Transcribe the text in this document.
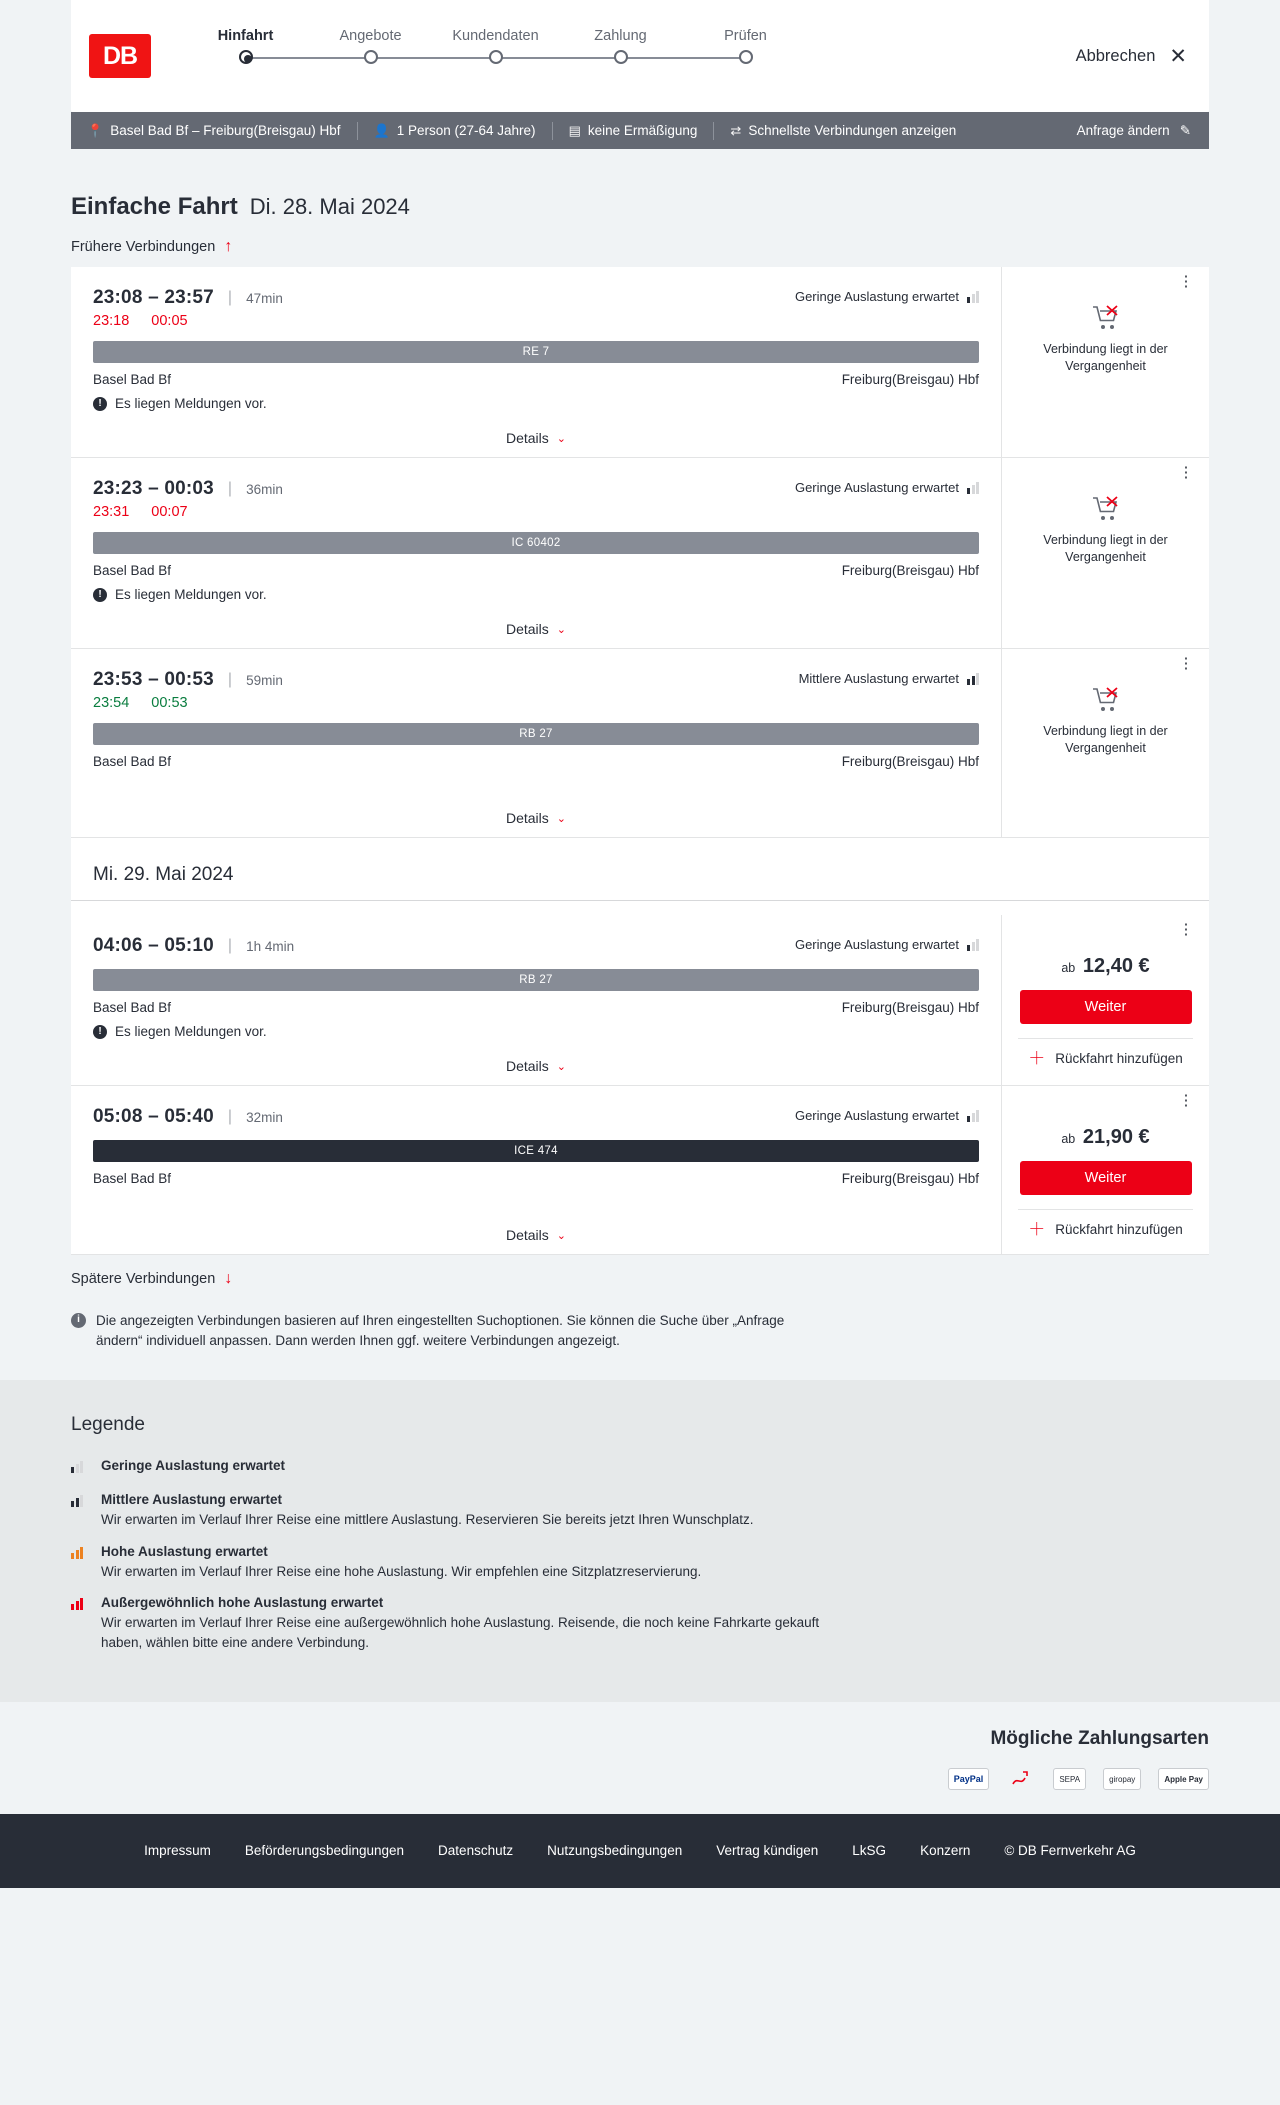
DB
Hinfahrt	Angebote	Kundendaten	Zahlung	Prüfen
Abbrechen ✕
📍 Basel Bad Bf – Freiburg(Breisgau) Hbf	👤 1 Person (27-64 Jahre)	▤ keine Ermäßigung	⇄ Schnellste Verbindungen anzeigen	Anfrage ändern ✎
Einfache Fahrt Di. 28. Mai 2024
Frühere Verbindungen ↑
23:08 – 23:57 | 47min	Geringe Auslastung erwartet
23:18 00:05
RE 7
Basel Bad Bf	Freiburg(Breisgau) Hbf
! Es liegen Meldungen vor.
Details ⌄
⋮
Verbindung liegt in der Vergangenheit
23:23 – 00:03 | 36min	Geringe Auslastung erwartet
23:31 00:07
IC 60402
Basel Bad Bf	Freiburg(Breisgau) Hbf
! Es liegen Meldungen vor.
Details ⌄
⋮
Verbindung liegt in der Vergangenheit
23:53 – 00:53 | 59min	Mittlere Auslastung erwartet
23:54 00:53
RB 27
Basel Bad Bf	Freiburg(Breisgau) Hbf
Details ⌄
⋮
Verbindung liegt in der Vergangenheit
Mi. 29. Mai 2024
04:06 – 05:10 | 1h 4min	Geringe Auslastung erwartet
RB 27
Basel Bad Bf	Freiburg(Breisgau) Hbf
! Es liegen Meldungen vor.
Details ⌄
⋮
ab 12,40 €
Weiter
＋ Rückfahrt hinzufügen
05:08 – 05:40 | 32min	Geringe Auslastung erwartet
ICE 474
Basel Bad Bf	Freiburg(Breisgau) Hbf
Details ⌄
⋮
ab 21,90 €
Weiter
＋ Rückfahrt hinzufügen
Spätere Verbindungen ↓
i	Die angezeigten Verbindungen basieren auf Ihren eingestellten Suchoptionen. Sie können die Suche über „Anfrage ändern“ individuell anpassen. Dann werden Ihnen ggf. weitere Verbindungen angezeigt.
Legende
Geringe Auslastung erwartet
Mittlere Auslastung erwartet
Wir erwarten im Verlauf Ihrer Reise eine mittlere Auslastung. Reservieren Sie bereits jetzt Ihren Wunschplatz.
Hohe Auslastung erwartet
Wir erwarten im Verlauf Ihrer Reise eine hohe Auslastung. Wir empfehlen eine Sitzplatzreservierung.
Außergewöhnlich hohe Auslastung erwartet
Wir erwarten im Verlauf Ihrer Reise eine außergewöhnlich hohe Auslastung. Reisende, die noch keine Fahrkarte gekauft haben, wählen bitte eine andere Verbindung.
Mögliche Zahlungsarten
PayPal	SEPA	giropay	Apple Pay
Impressum	Beförderungsbedingungen	Datenschutz	Nutzungsbedingungen	Vertrag kündigen	LkSG	Konzern	© DB Fernverkehr AG
